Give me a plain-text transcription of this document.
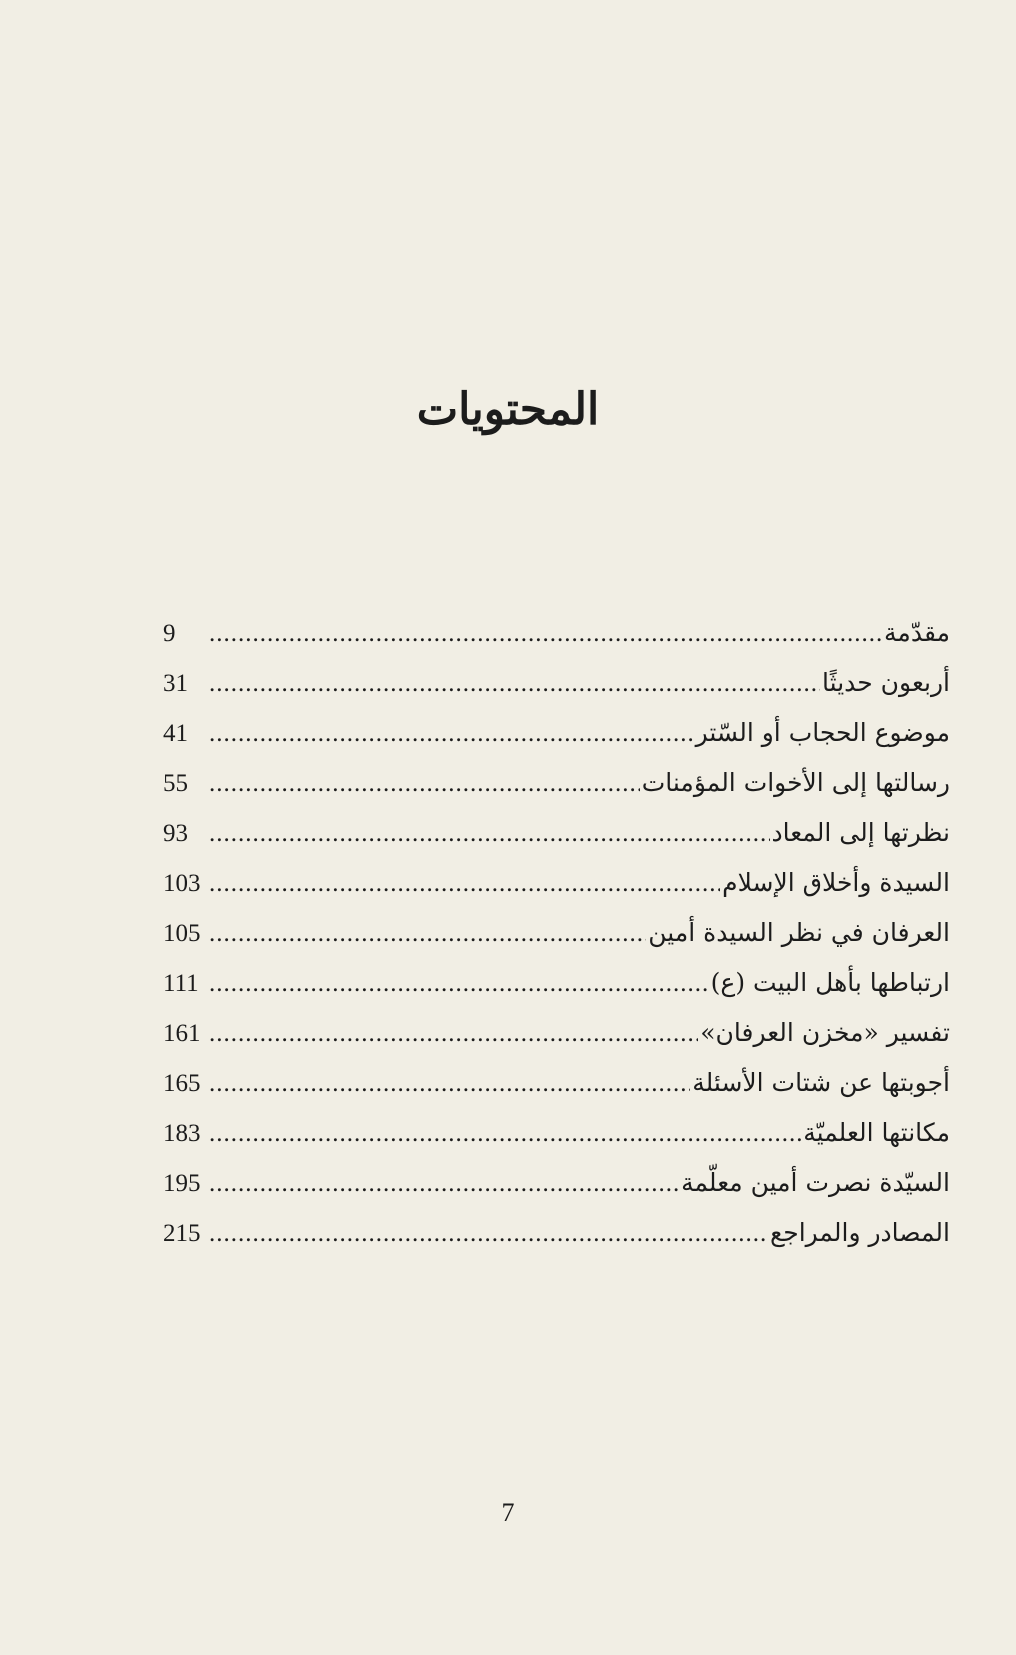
المحتويات
مقدّمة
.....
9
أربعون حديثًا
.....
31
موضوع الحجاب أو السّتر
.....
41
رسالتها إلى الأخوات المؤمنات
.....
55
نظرتها إلى المعاد
.....
93
السيدة وأخلاق الإسلام
.....
103
العرفان في نظر السيدة أمين
.....
105
ارتباطها بأهل البيت (ع)
.....
111
تفسير «مخزن العرفان»
.....
161
أجوبتها عن شتات الأسئلة
.....
165
مكانتها العلميّة
.....
183
السيّدة نصرت أمين معلّمة
.....
195
المصادر والمراجع
.....
215
7
